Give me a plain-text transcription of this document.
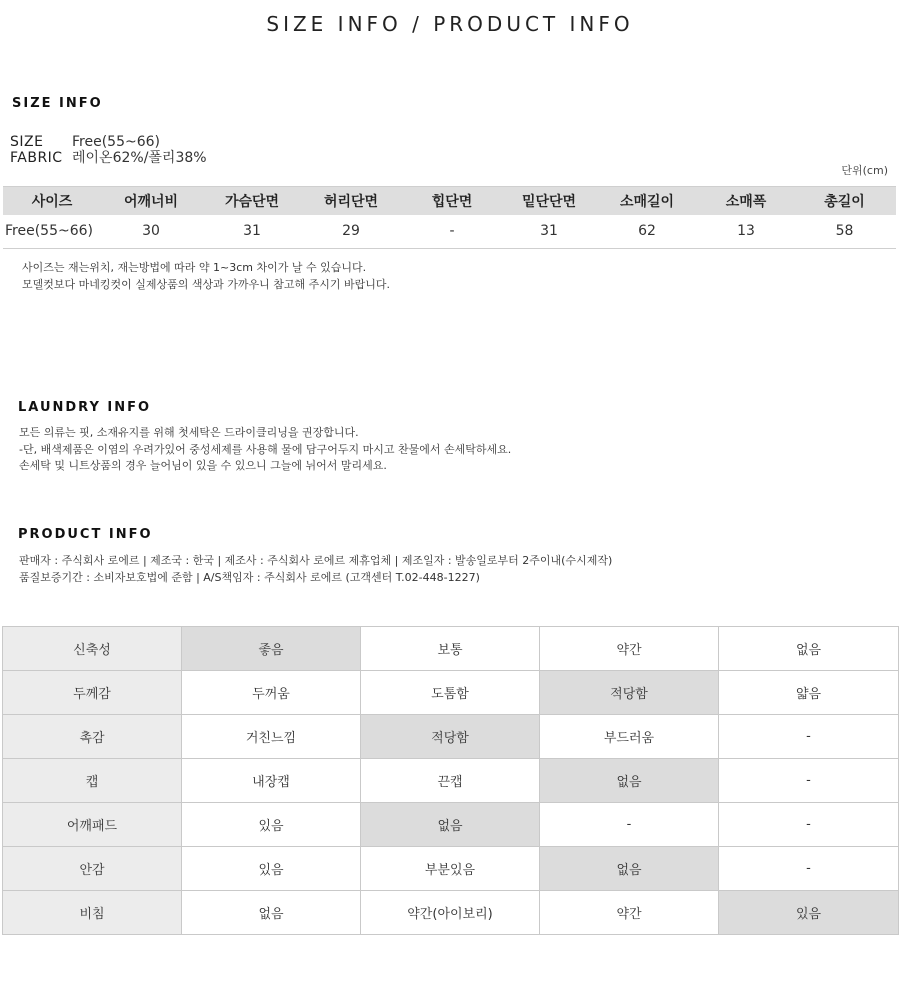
SIZE INFO / PRODUCT INFO
SIZE INFO
SIZE	Free(55~66)
FABRIC 레이온62%/폴리38%
단위(cm)
사이즈	어깨너비	가슴단면	허리단면	힙단면	밑단단면	소매길이	소매폭	총길이
Free(55~66)	30	31	29	-	31	62	13	58
사이즈는 재는위치, 재는방법에 따라 약 1~3cm 차이가 날 수 있습니다.
모델컷보다 마네킹컷이 실제상품의 색상과 가까우니 참고해 주시기 바랍니다.
LAUNDRY INFO
모든 의류는 핏, 소재유지를 위해 첫세탁은 드라이클리닝을 권장합니다.
-단, 배색제품은 이염의 우려가있어 중성세제를 사용해 물에 담구어두지 마시고 찬물에서 손세탁하세요.
손세탁 및 니트상품의 경우 늘어님이 있을 수 있으니 그늘에 뉘어서 말리세요.
PRODUCT INFO
판매자 : 주식회사 로에르 | 제조국 : 한국 | 제조사 : 주식회사 로에르 제휴업체 | 제조일자 : 발송일로부터 2주이내(수시제작)
품질보증기간 : 소비자보호법에 준함 | A/S책임자 : 주식회사 로에르 (고객센터 T.02-448-1227)
신축성	좋음	보통	약간	없음
두께감	두꺼움	도톰함	적당함	얇음
촉감	거친느낌	적당함	부드러움	-
캡	내장캡	끈캡	없음	-
어깨패드	있음	없음	-	-
안감	있음	부분있음	없음	-
비침	없음	약간(아이보리)	약간	있음
